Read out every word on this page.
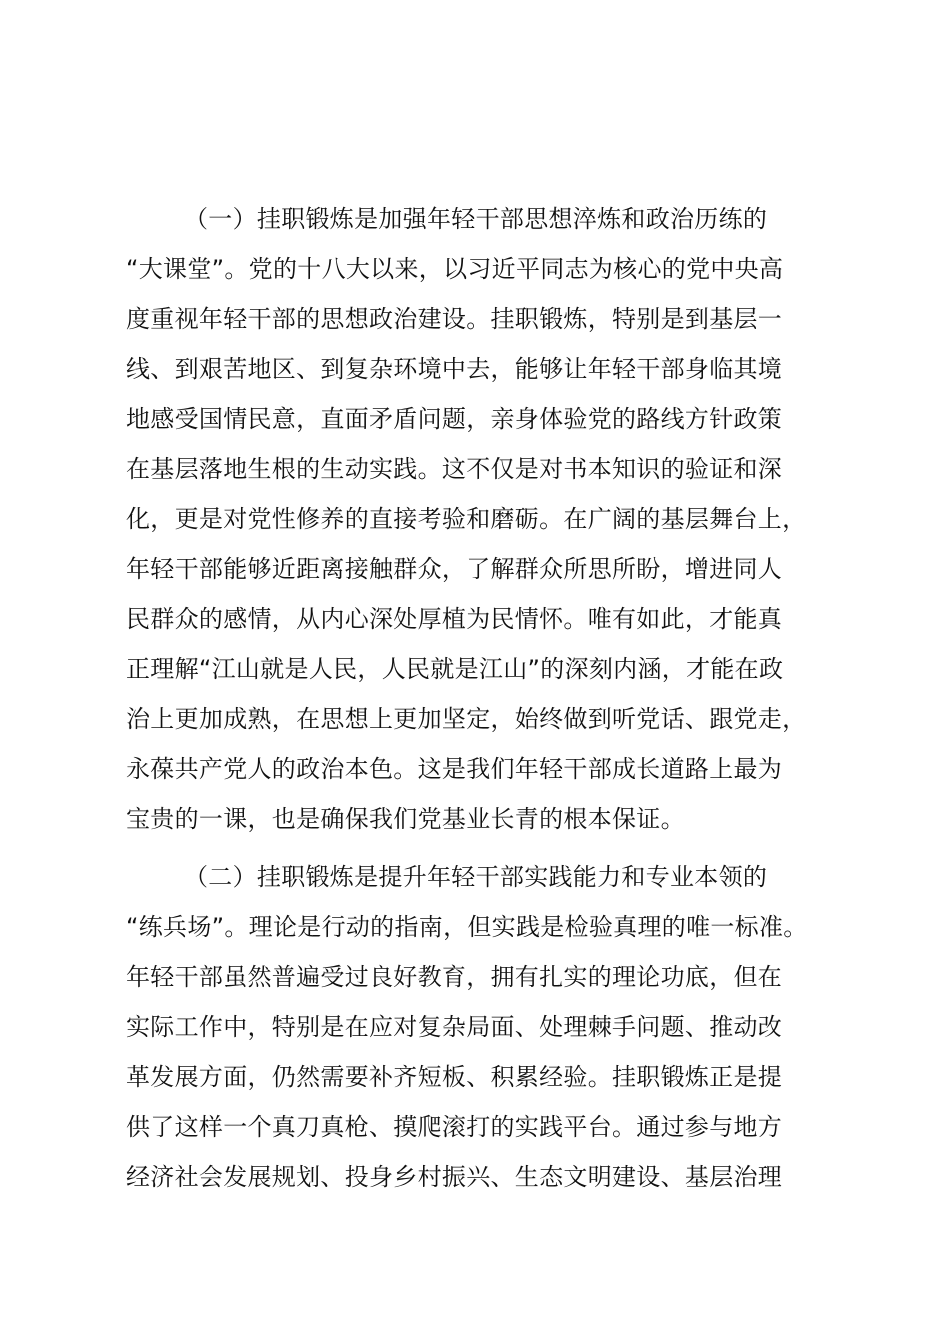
（一）挂职锻炼是加强年轻干部思想淬炼和政治历练的
“大课堂”。党的十八大以来，以习近平同志为核心的党中央高
度重视年轻干部的思想政治建设。挂职锻炼，特别是到基层一
线、到艰苦地区、到复杂环境中去，能够让年轻干部身临其境
地感受国情民意，直面矛盾问题，亲身体验党的路线方针政策
在基层落地生根的生动实践。这不仅是对书本知识的验证和深
化，更是对党性修养的直接考验和磨砺。在广阔的基层舞台上，
年轻干部能够近距离接触群众，了解群众所思所盼，增进同人
民群众的感情，从内心深处厚植为民情怀。唯有如此，才能真
正理解“江山就是人民，人民就是江山”的深刻内涵，才能在政
治上更加成熟，在思想上更加坚定，始终做到听党话、跟党走，
永葆共产党人的政治本色。这是我们年轻干部成长道路上最为
宝贵的一课，也是确保我们党基业长青的根本保证。
（二）挂职锻炼是提升年轻干部实践能力和专业本领的
“练兵场”。理论是行动的指南，但实践是检验真理的唯一标准。
年轻干部虽然普遍受过良好教育，拥有扎实的理论功底，但在
实际工作中，特别是在应对复杂局面、处理棘手问题、推动改
革发展方面，仍然需要补齐短板、积累经验。挂职锻炼正是提
供了这样一个真刀真枪、摸爬滚打的实践平台。通过参与地方
经济社会发展规划、投身乡村振兴、生态文明建设、基层治理
